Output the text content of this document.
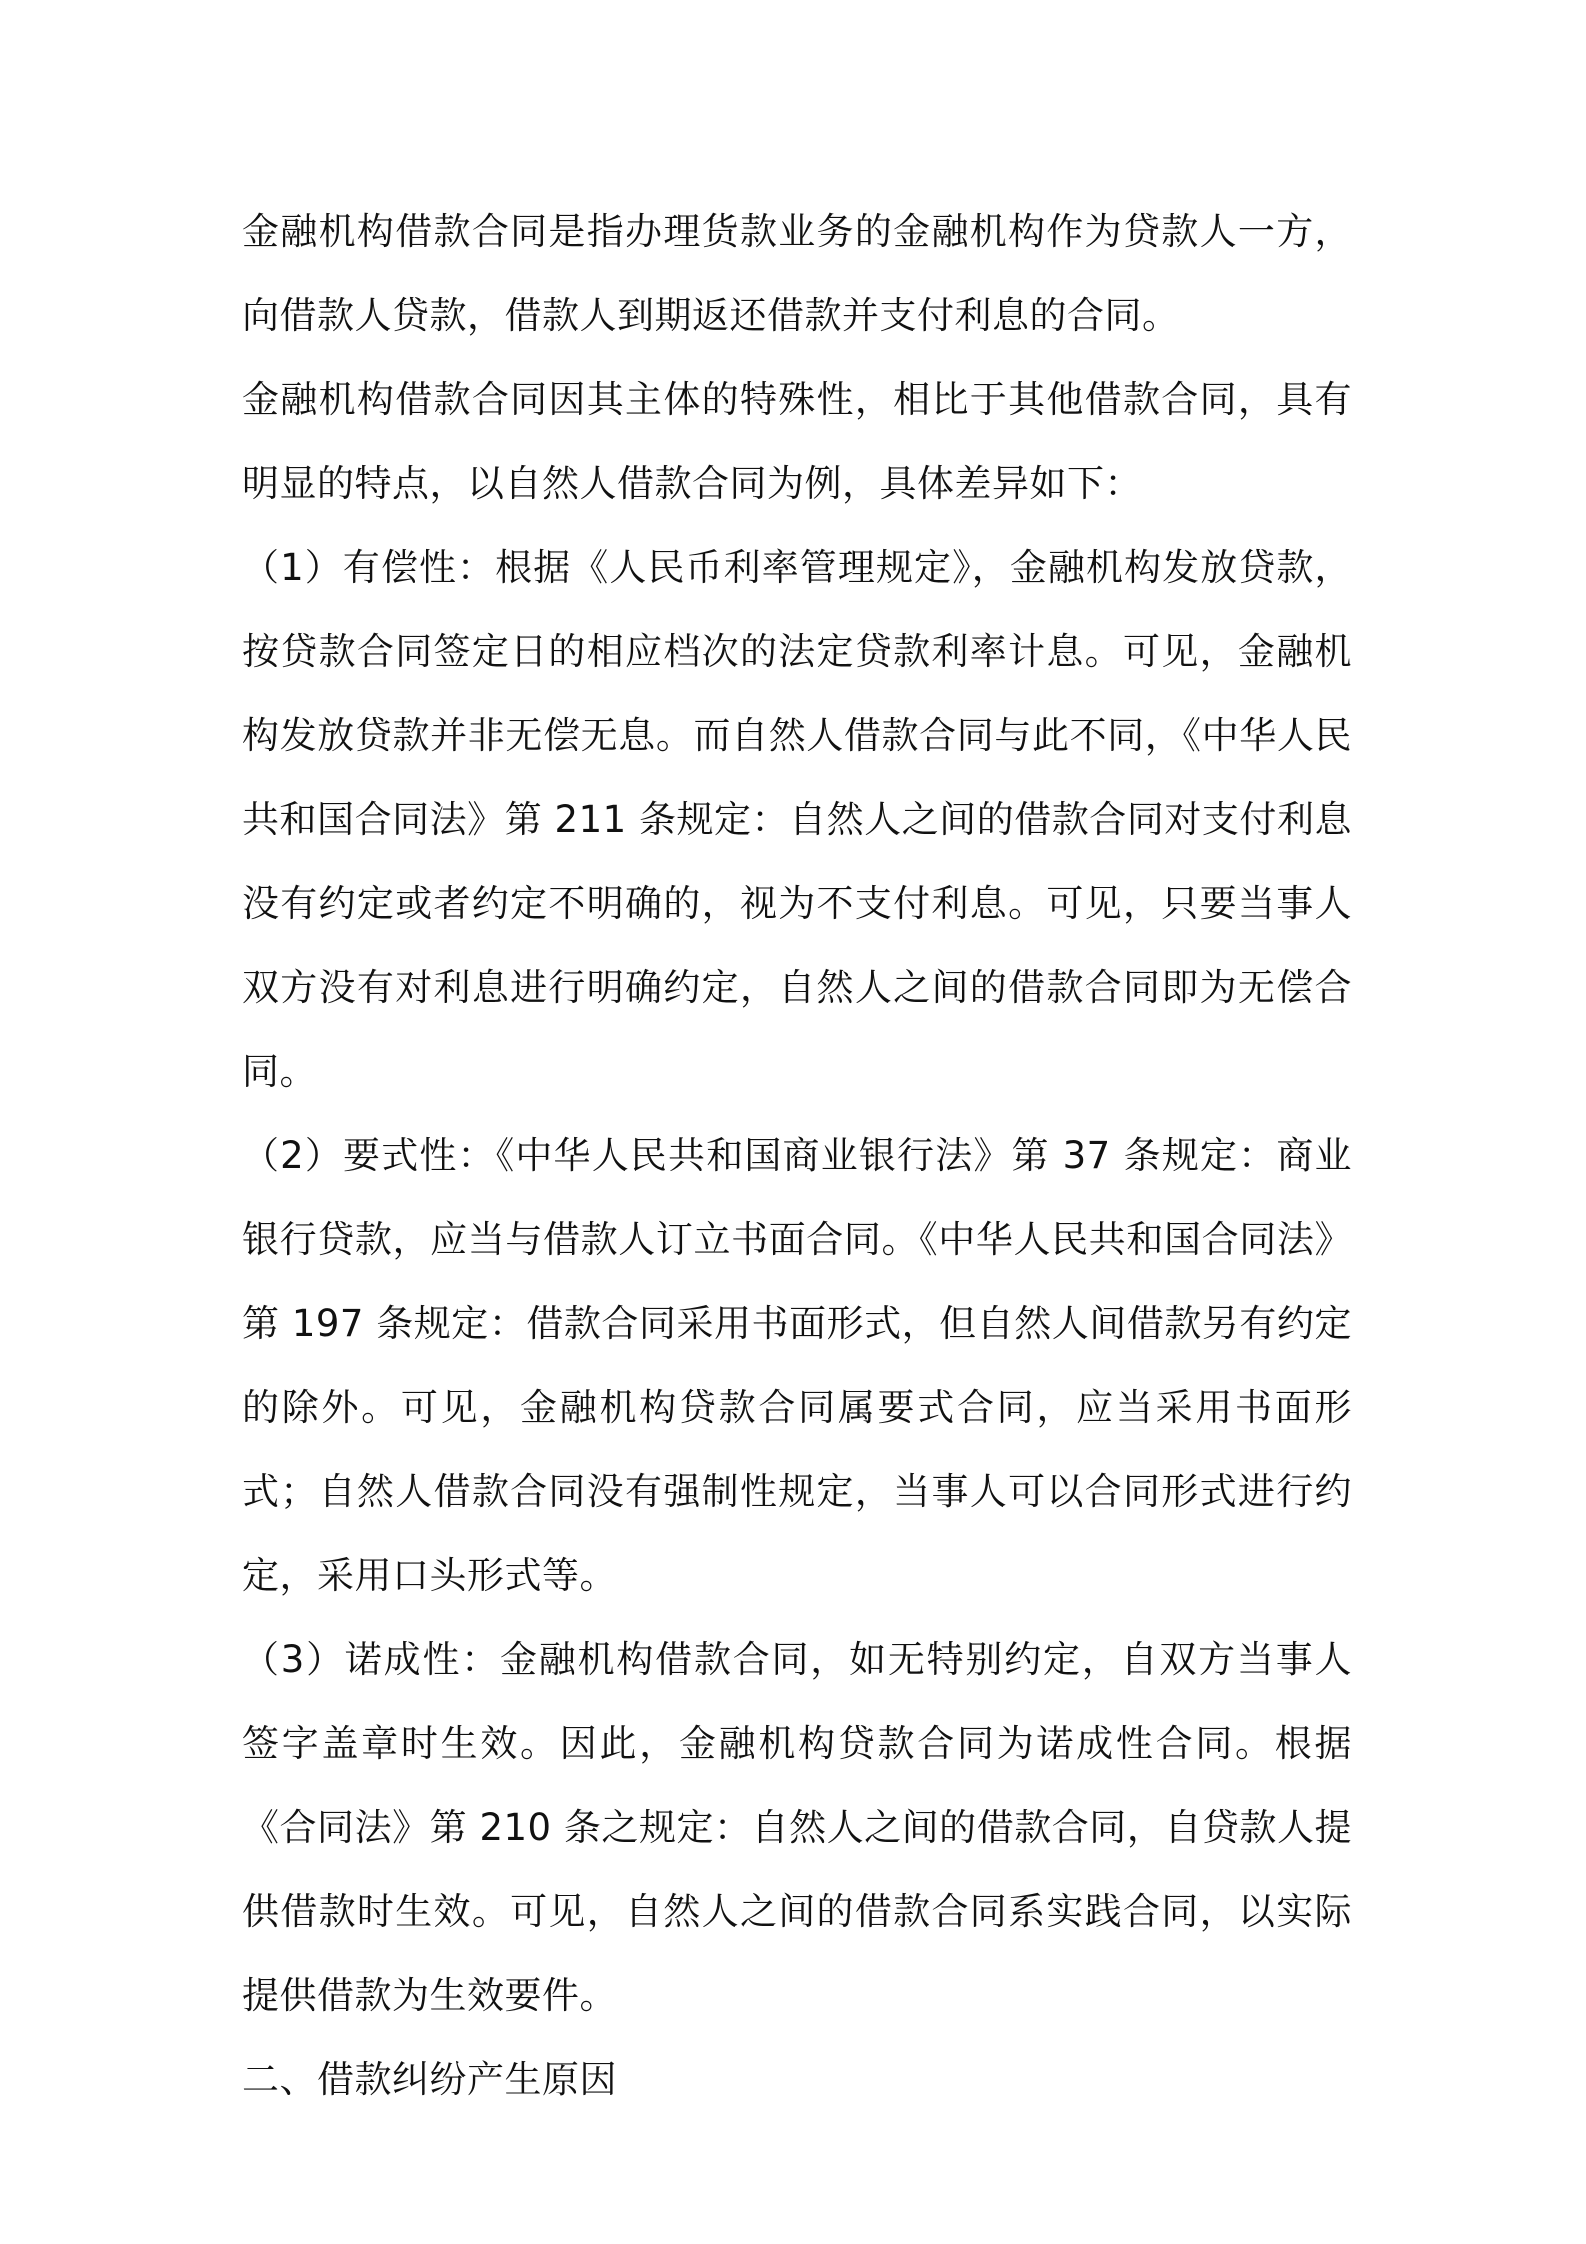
金融机构借款合同是指办理货款业务的金融机构作为贷款人一方，向借款人贷款，借款人到期返还借款并支付利息的合同。

金融机构借款合同因其主体的特殊性，相比于其他借款合同，具有明显的特点，以自然人借款合同为例，具体差异如下：

（1）有偿性：根据《人民币利率管理规定》，金融机构发放贷款，按贷款合同签定日的相应档次的法定贷款利率计息。可见，金融机构发放贷款并非无偿无息。而自然人借款合同与此不同，《中华人民共和国合同法》第 211 条规定：自然人之间的借款合同对支付利息没有约定或者约定不明确的，视为不支付利息。可见，只要当事人双方没有对利息进行明确约定，自然人之间的借款合同即为无偿合同。

（2）要式性：《中华人民共和国商业银行法》第 37 条规定：商业银行贷款，应当与借款人订立书面合同。《中华人民共和国合同法》第 197 条规定：借款合同采用书面形式，但自然人间借款另有约定的除外。可见，金融机构贷款合同属要式合同，应当采用书面形式；自然人借款合同没有强制性规定，当事人可以合同形式进行约定，采用口头形式等。

（3）诺成性：金融机构借款合同，如无特别约定，自双方当事人签字盖章时生效。因此，金融机构贷款合同为诺成性合同。根据《合同法》第 210 条之规定：自然人之间的借款合同，自贷款人提供借款时生效。可见，自然人之间的借款合同系实践合同，以实际提供借款为生效要件。

二、借款纠纷产生原因
